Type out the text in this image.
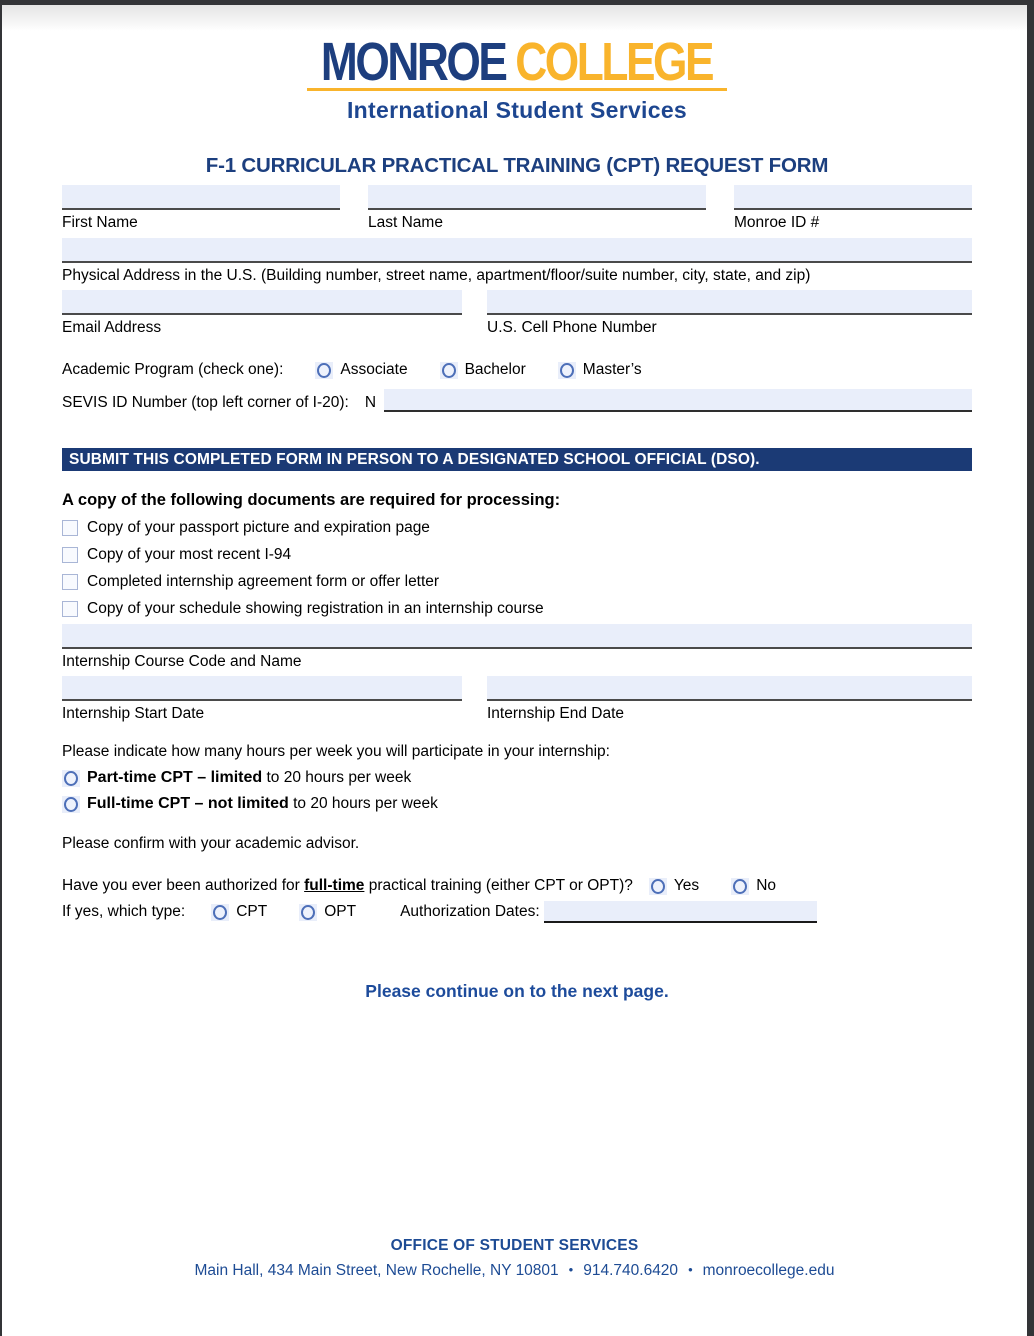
MONROE COLLEGE
International Student Services
F-1 CURRICULAR PRACTICAL TRAINING (CPT) REQUEST FORM
First Name	Last Name	Monroe ID #
Physical Address in the U.S. (Building number, street name, apartment/floor/suite number, city, state, and zip)
Email Address	U.S. Cell Phone Number
Academic Program (check one):	Associate	Bachelor	Master’s
SEVIS ID Number (top left corner of I-20): N
SUBMIT THIS COMPLETED FORM IN PERSON TO A DESIGNATED SCHOOL OFFICIAL (DSO).
A copy of the following documents are required for processing:
Copy of your passport picture and expiration page
Copy of your most recent I-94
Completed internship agreement form or offer letter
Copy of your schedule showing registration in an internship course
Internship Course Code and Name
Internship Start Date	Internship End Date
Please indicate how many hours per week you will participate in your internship:
Part-time CPT – limited to 20 hours per week
Full-time CPT – not limited to 20 hours per week
Please confirm with your academic advisor.
Have you ever been authorized for full-time practical training (either CPT or OPT)?	Yes	No
If yes, which type:	CPT	OPT	Authorization Dates:
Please continue on to the next page.
OFFICE OF STUDENT SERVICES
Main Hall, 434 Main Street, New Rochelle, NY 10801 • 914.740.6420 • monroecollege.edu
